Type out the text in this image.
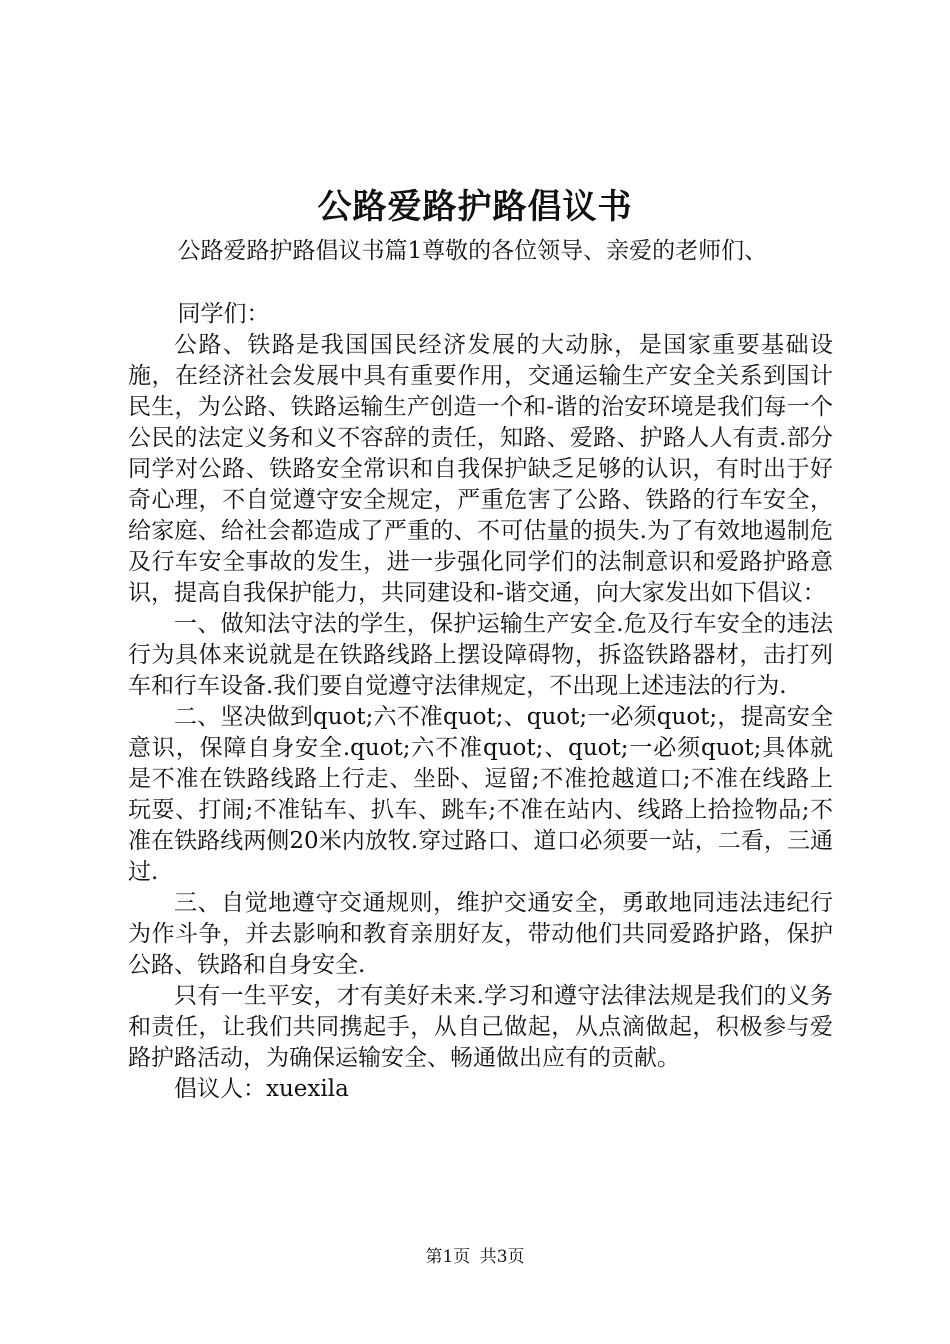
公路爱路护路倡议书

公路爱路护路倡议书篇1尊敬的各位领导、亲爱的老师们、

同学们：

公路、铁路是我国国民经济发展的大动脉，是国家重要基础设施，在经济社会发展中具有重要作用，交通运输生产安全关系到国计民生，为公路、铁路运输生产创造一个和-谐的治安环境是我们每一个公民的法定义务和义不容辞的责任，知路、爱路、护路人人有责.部分同学对公路、铁路安全常识和自我保护缺乏足够的认识，有时出于好奇心理，不自觉遵守安全规定，严重危害了公路、铁路的行车安全，给家庭、给社会都造成了严重的、不可估量的损失.为了有效地遏制危及行车安全事故的发生，进一步强化同学们的法制意识和爱路护路意识，提高自我保护能力，共同建设和-谐交通，向大家发出如下倡议：

一、做知法守法的学生，保护运输生产安全.危及行车安全的违法行为具体来说就是在铁路线路上摆设障碍物，拆盗铁路器材，击打列车和行车设备.我们要自觉遵守法律规定，不出现上述违法的行为.

二、坚决做到quot;六不准quot;、quot;一必须quot;，提高安全意识，保障自身安全.quot;六不准quot;、quot;一必须quot;具体就是不准在铁路线路上行走、坐卧、逗留;不准抢越道口;不准在线路上玩耍、打闹;不准钻车、扒车、跳车;不准在站内、线路上拾捡物品;不准在铁路线两侧20米内放牧.穿过路口、道口必须要一站，二看，三通过.

三、自觉地遵守交通规则，维护交通安全，勇敢地同违法违纪行为作斗争，并去影响和教育亲朋好友，带动他们共同爱路护路，保护公路、铁路和自身安全.

只有一生平安，才有美好未来.学习和遵守法律法规是我们的义务和责任，让我们共同携起手，从自己做起，从点滴做起，积极参与爱路护路活动，为确保运输安全、畅通做出应有的贡献。

倡议人：xuexila

第1页 共3页
